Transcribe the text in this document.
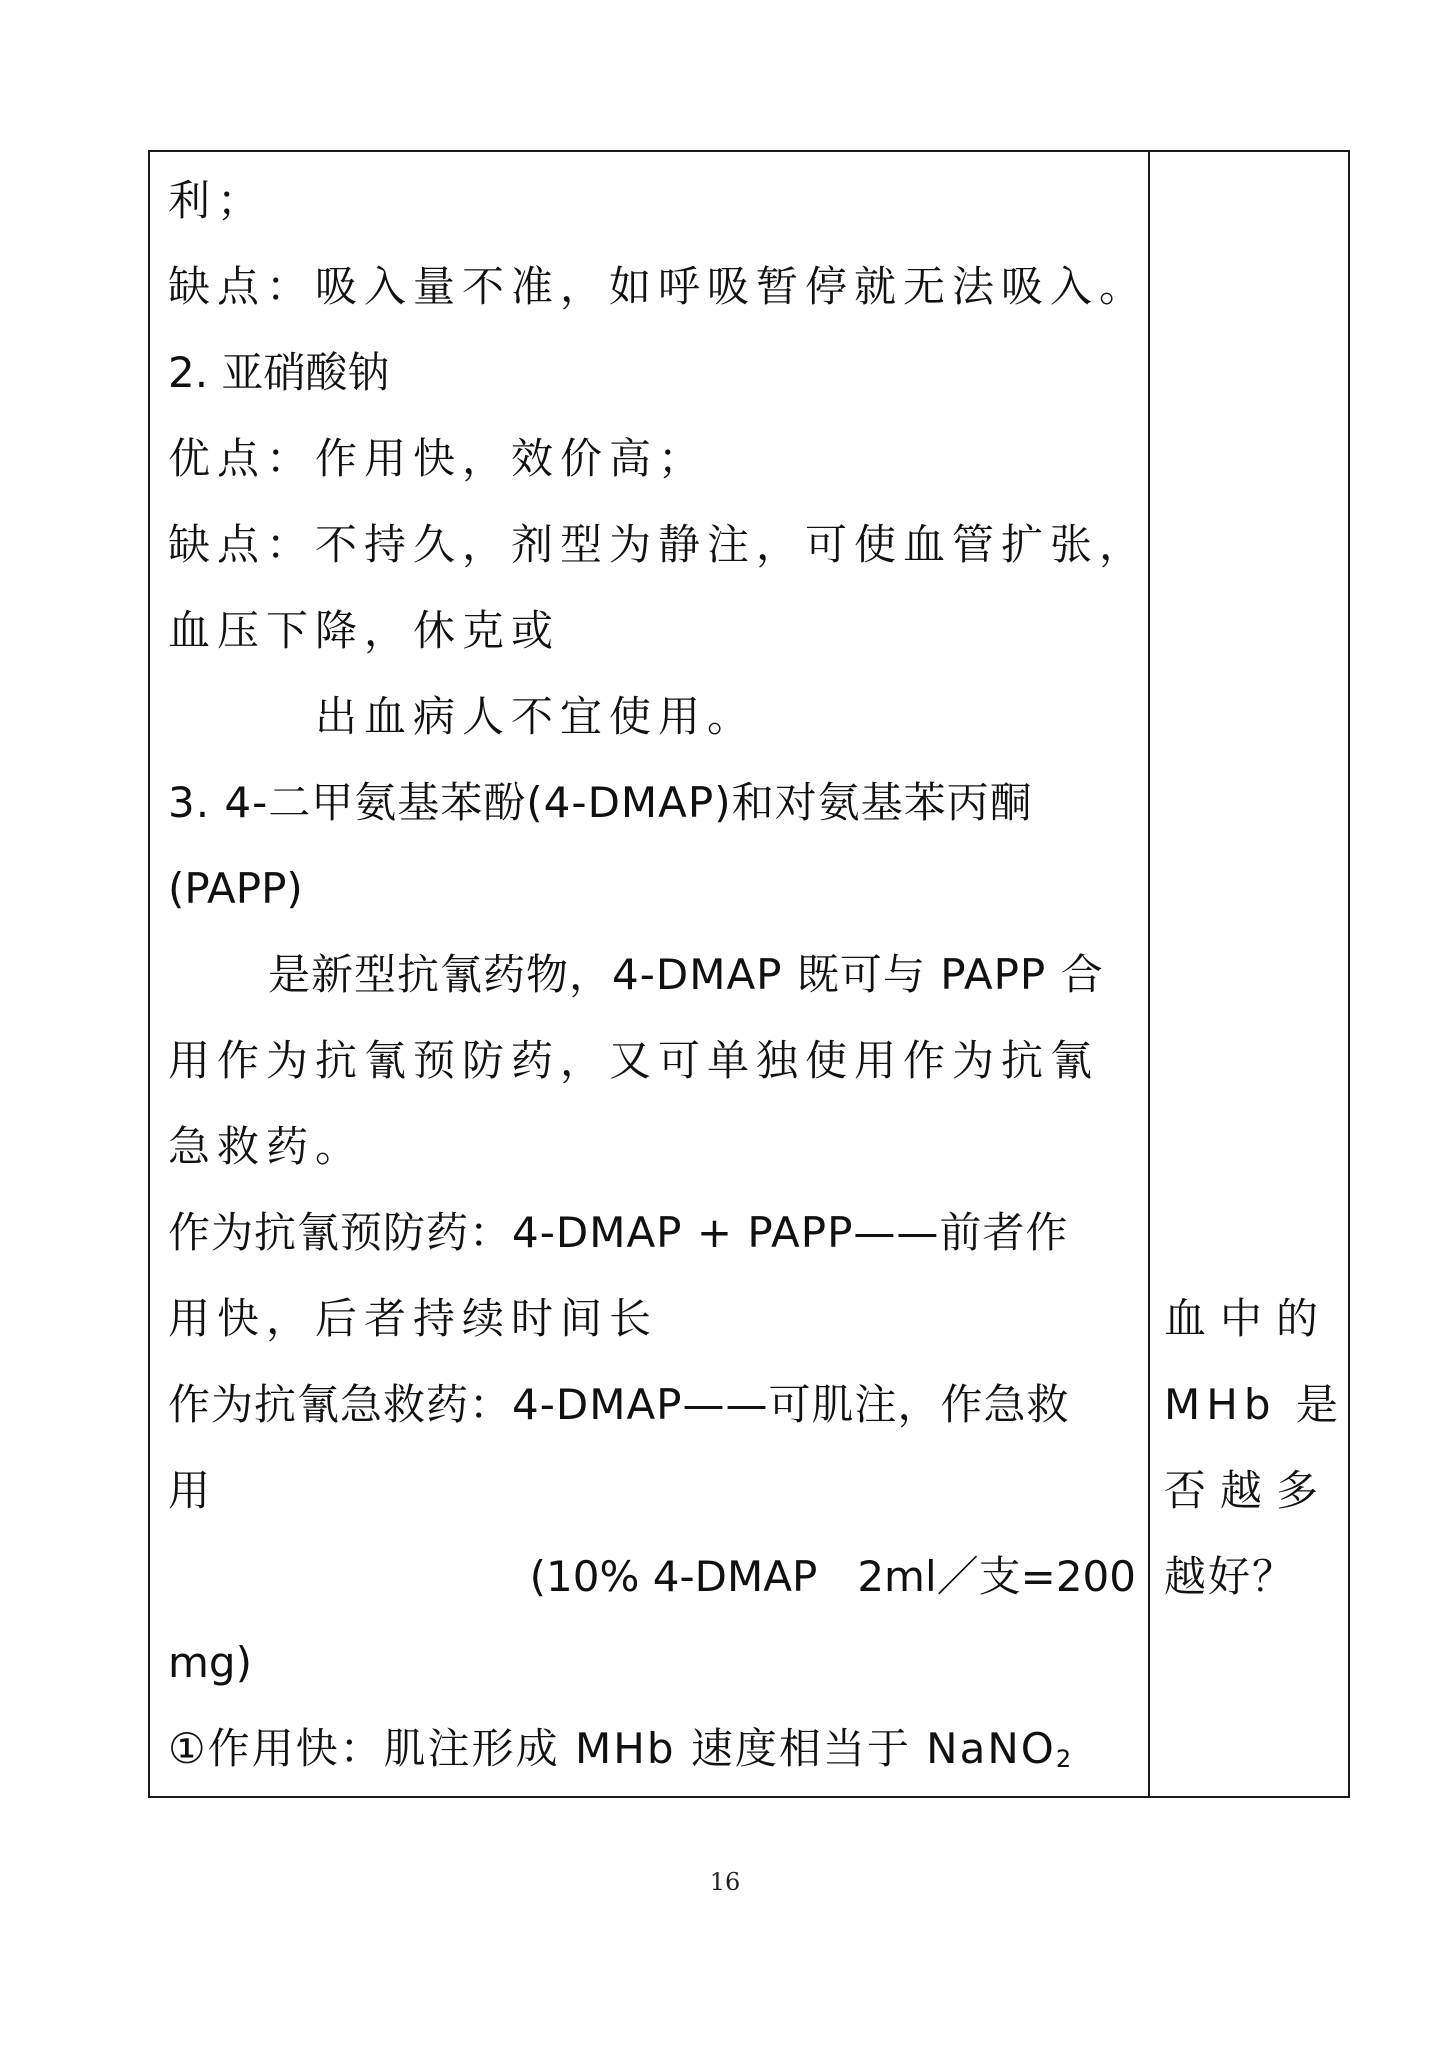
利；
缺点：吸入量不准，如呼吸暂停就无法吸入。
2. 亚硝酸钠
优点：作用快，效价高；
缺点：不持久，剂型为静注，可使血管扩张，
血压下降，休克或
出血病人不宜使用。
3. 4-二甲氨基苯酚(4-DMAP)和对氨基苯丙酮
(PAPP)
是新型抗氰药物，4-DMAP 既可与 PAPP 合
用作为抗氰预防药，又可单独使用作为抗氰
急救药。
作为抗氰预防药：4-DMAP + PAPP——前者作
用快，后者持续时间长
作为抗氰急救药：4-DMAP——可肌注，作急救
用
(10% 4-DMAP   2ml／支=200
mg)
①作用快：肌注形成 MHb 速度相当于 NaNO$_2$
血中的
MHb 是
否越多
越好？
16
